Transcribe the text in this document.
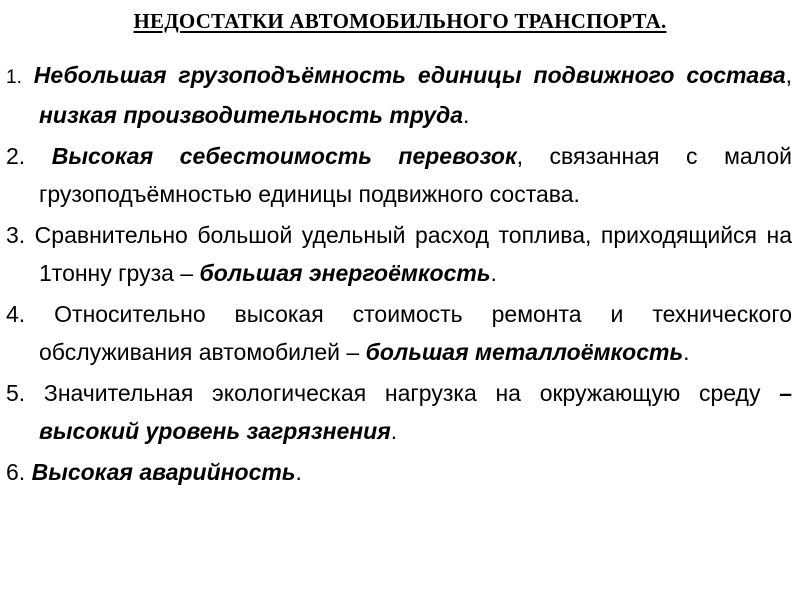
НЕДОСТАТКИ АВТОМОБИЛЬНОГО ТРАНСПОРТА.
1. Небольшая грузоподъёмность единицы подвижного состава, низкая производительность труда.
2. Высокая себестоимость перевозок, связанная с малой грузоподъёмностью единицы подвижного состава.
3. Сравнительно большой удельный расход топлива, приходящийся на 1тонну груза – большая энергоёмкость.
4. Относительно высокая стоимость ремонта и технического обслуживания автомобилей – большая металлоёмкость.
5. Значительная экологическая нагрузка на окружающую среду – высокий уровень загрязнения.
6. Высокая аварийность.
